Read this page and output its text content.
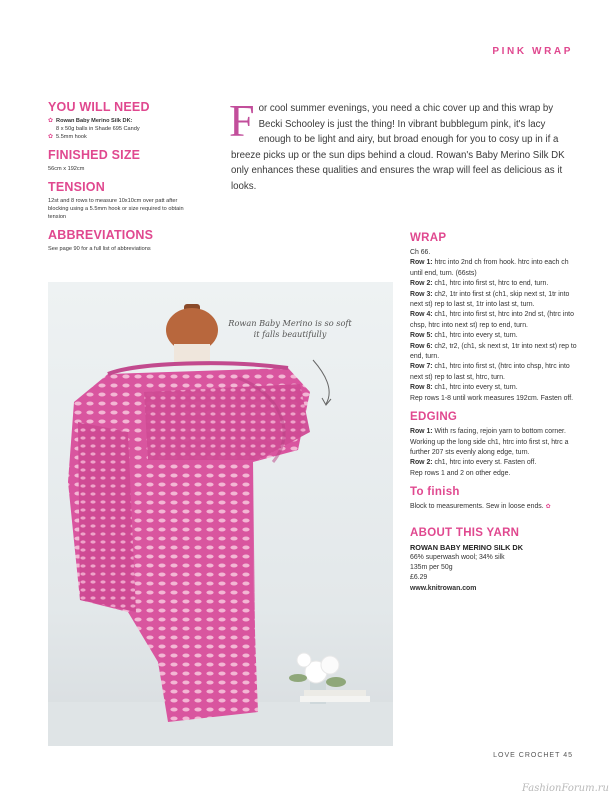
PINK WRAP
YOU WILL NEED
✿ Rowan Baby Merino Silk DK:
8 x 50g balls in Shade 695 Candy

✿ 5.5mm hook

FINISHED SIZE

56cm x 192cm

TENSION

12st and 8 rows to measure 10x10cm over patt after blocking using a 5.5mm hook or size required to obtain tension

ABBREVIATIONS

See page 90 for a full list of abbreviations

For cool summer evenings, you need a chic cover up and this wrap by Becki Schooley is just the thing! In vibrant bubblegum pink, it's lacy enough to be light and airy, but broad enough for you to cosy up in if a breeze picks up or the sun dips behind a cloud. Rowan's Baby Merino Silk DK only enhances these qualities and ensures the wrap will feel as delicious as it looks.
Rowan Baby Merino is so soft it falls beautifully
WRAP

Ch 66.

Row 1: htrc into 2nd ch from hook. htrc into each ch until end, turn. (66sts)

Row 2: ch1, htrc into first st, htrc to end, turn.

Row 3: ch2, 1tr into first st (ch1, skip next st, 1tr into next st) rep to last st, 1tr into last st, turn.

Row 4: ch1, htrc into first st, htrc into 2nd st, (htrc into chsp, htrc into next st) rep to end, turn.

Row 5: ch1, htrc into every st, turn.

Row 6: ch2, tr2, (ch1, sk next st, 1tr into next st) rep to end, turn.

Row 7: ch1, htrc into first st, (htrc into chsp, htrc into next st) rep to last st, htrc, turn.

Row 8: ch1, htrc into every st, turn.

Rep rows 1-8 until work measures 192cm. Fasten off.

EDGING

Row 1: With rs facing, rejoin yarn to bottom corner. Working up the long side ch1, htrc into first st, htrc a further 207 sts evenly along edge, turn.

Row 2: ch1, htrc into every st. Fasten off.

Rep rows 1 and 2 on other edge.

To finish

Block to measurements. Sew in loose ends. ✿

ABOUT THIS YARN
ROWAN BABY MERINO SILK DK

66% superwash wool; 34% silk

135m per 50g

£6.29

www.knitrowan.com

LOVE CROCHET 45
FashionForum.ru
